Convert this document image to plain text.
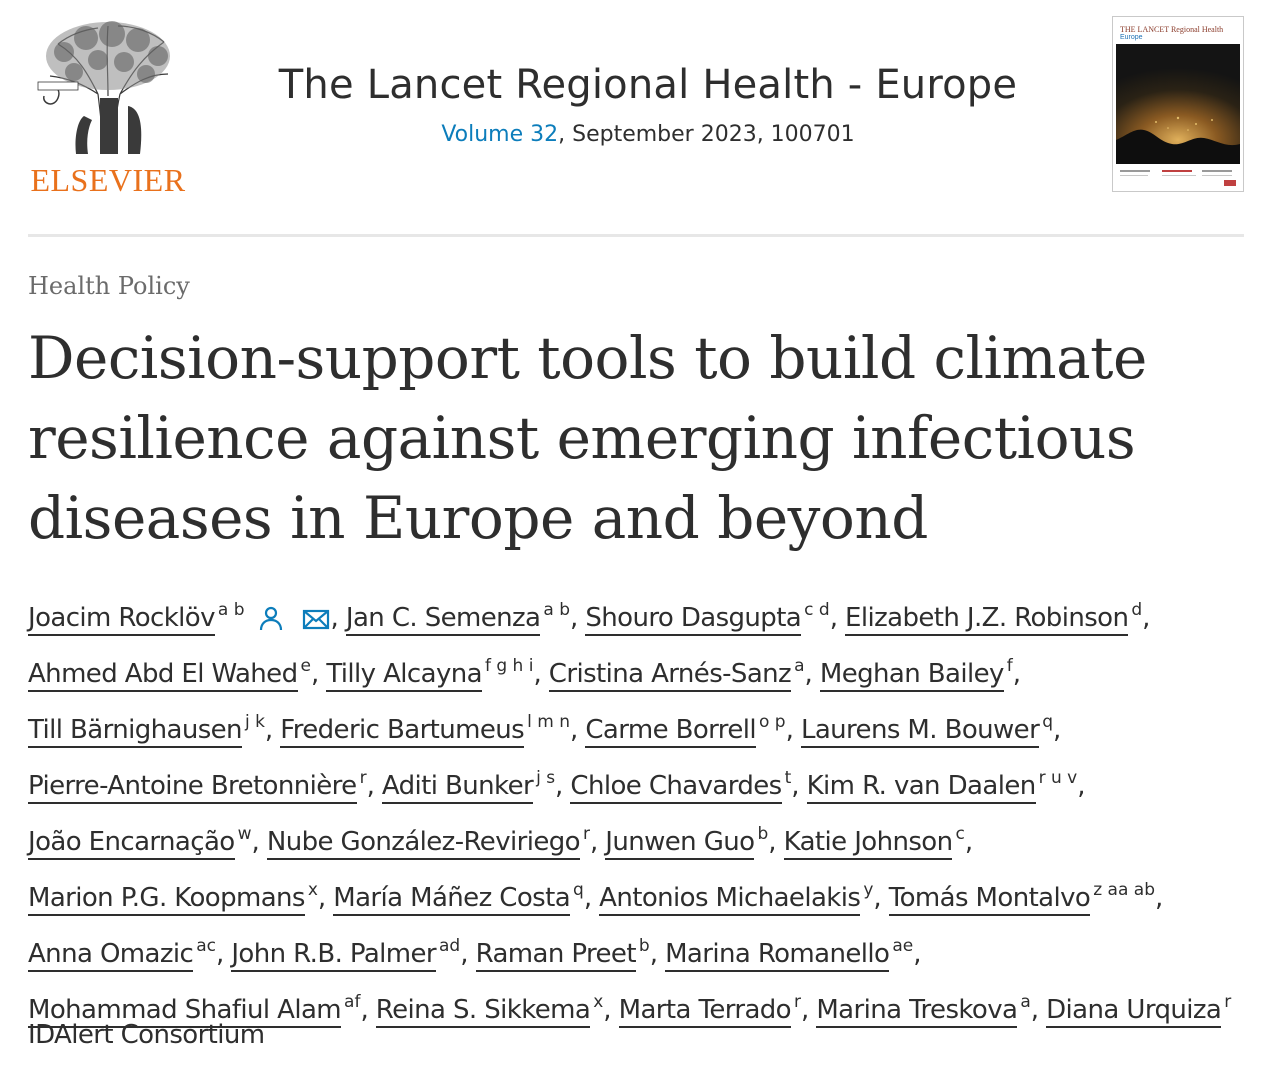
ELSEVIER
The Lancet Regional Health - Europe
Volume 32, September 2023, 100701
THE LANCET Regional Health
Europe
Health Policy
Decision-support tools to build climate resilience against emerging infectious diseases in Europe and beyond
Joacim Rocklöv $^{a b}$	, Jan C. Semenza $^{a b}$, Shouro Dasgupta $^{c d}$, Elizabeth J.Z. Robinson $^d$, Ahmed Abd El Wahed $^e$, Tilly Alcayna $^{f g h i}$, Cristina Arnés-Sanz $^a$, Meghan Bailey $^f$, Till Bärnighausen $^{j k}$, Frederic Bartumeus $^{l m n}$, Carme Borrell $^{o p}$, Laurens M. Bouwer $^q$, Pierre-Antoine Bretonnière $^r$, Aditi Bunker $^{j s}$, Chloe Chavardes $^t$, Kim R. van Daalen $^{r u v}$, João Encarnação $^w$, Nube González-Reviriego $^r$, Junwen Guo $^b$, Katie Johnson $^c$, Marion P.G. Koopmans $^x$, María Máñez Costa $^q$, Antonios Michaelakis $^y$, Tomás Montalvo $^{z aa ab}$, Anna Omazic $^{ac}$, John R.B. Palmer $^{ad}$, Raman Preet $^b$, Marina Romanello $^{ae}$, Mohammad Shafiul Alam $^{af}$, Reina S. Sikkema $^x$, Marta Terrado $^r$, Marina Treskova $^a$, Diana Urquiza $^r$
IDAlert Consortium
